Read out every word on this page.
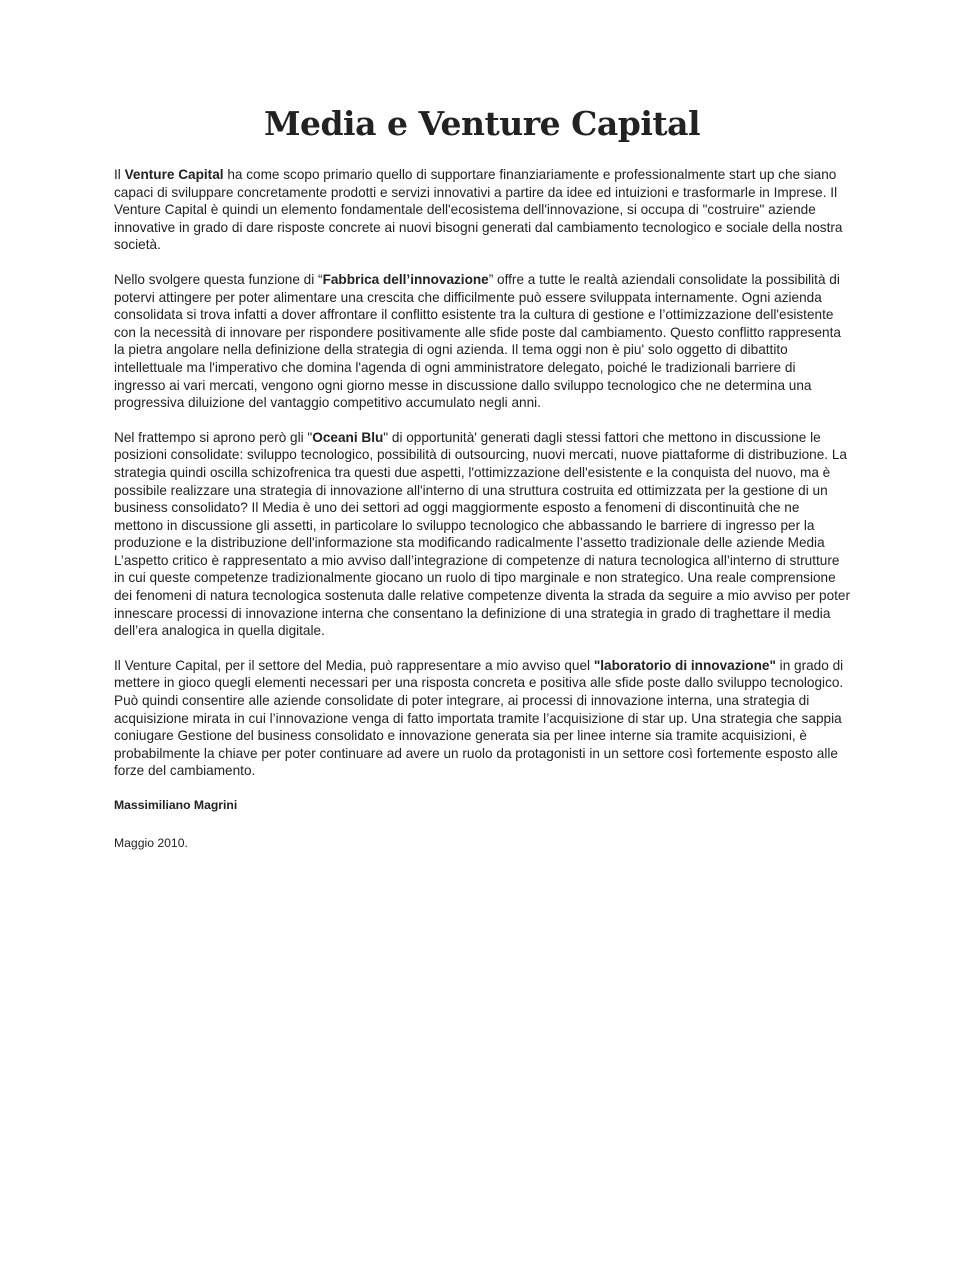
Media e Venture Capital

Il Venture Capital ha come scopo primario quello di supportare finanziariamente e professionalmente start up che siano capaci di sviluppare concretamente prodotti e servizi innovativi a partire da idee ed intuizioni e trasformarle in Imprese. Il Venture Capital è quindi un elemento fondamentale dell'ecosistema dell'innovazione, si occupa di "costruire" aziende innovative in grado di dare risposte concrete ai nuovi bisogni generati dal cambiamento tecnologico e sociale della nostra società.

Nello svolgere questa funzione di “Fabbrica dell’innovazione” offre a tutte le realtà aziendali consolidate la possibilità di potervi attingere per poter alimentare una crescita che difficilmente può essere sviluppata internamente. Ogni azienda consolidata si trova infatti a dover affrontare il conflitto esistente tra la cultura di gestione e l’ottimizzazione dell'esistente con la necessità di innovare per rispondere positivamente alle sfide poste dal cambiamento. Questo conflitto rappresenta la pietra angolare nella definizione della strategia di ogni azienda. Il tema oggi non è piu' solo oggetto di dibattito intellettuale ma l'imperativo che domina l'agenda di ogni amministratore delegato, poiché le tradizionali barriere di ingresso ai vari mercati, vengono ogni giorno messe in discussione dallo sviluppo tecnologico che ne determina una progressiva diluizione del vantaggio competitivo accumulato negli anni.

Nel frattempo si aprono però gli "Oceani Blu" di opportunità' generati dagli stessi fattori che mettono in discussione le posizioni consolidate: sviluppo tecnologico, possibilità di outsourcing, nuovi mercati, nuove piattaforme di distribuzione. La strategia quindi oscilla schizofrenica tra questi due aspetti, l'ottimizzazione dell'esistente e la conquista del nuovo, ma è possibile realizzare una strategia di innovazione all'interno di una struttura costruita ed ottimizzata per la gestione di un business consolidato? Il Media è uno dei settori ad oggi maggiormente esposto a fenomeni di discontinuità che ne mettono in discussione gli assetti, in particolare lo sviluppo tecnologico che abbassando le barriere di ingresso per la produzione e la distribuzione dell'informazione sta modificando radicalmente l’assetto tradizionale delle aziende Media L’aspetto critico è rappresentato a mio avviso dall’integrazione di competenze di natura tecnologica all’interno di strutture in cui queste competenze tradizionalmente giocano un ruolo di tipo marginale e non strategico. Una reale comprensione dei fenomeni di natura tecnologica sostenuta dalle relative competenze diventa la strada da seguire a mio avviso per poter innescare processi di innovazione interna che consentano la definizione di una strategia in grado di traghettare il media dell’era analogica in quella digitale.

Il Venture Capital, per il settore del Media, può rappresentare a mio avviso quel "laboratorio di innovazione" in grado di mettere in gioco quegli elementi necessari per una risposta concreta e positiva alle sfide poste dallo sviluppo tecnologico. Può quindi consentire alle aziende consolidate di poter integrare, ai processi di innovazione interna, una strategia di acquisizione mirata in cui l’innovazione venga di fatto importata tramite l’acquisizione di star up. Una strategia che sappia coniugare Gestione del business consolidato e innovazione generata sia per linee interne sia tramite acquisizioni, è probabilmente la chiave per poter continuare ad avere un ruolo da protagonisti in un settore così fortemente esposto alle forze del cambiamento.

Massimiliano Magrini

Maggio 2010.
